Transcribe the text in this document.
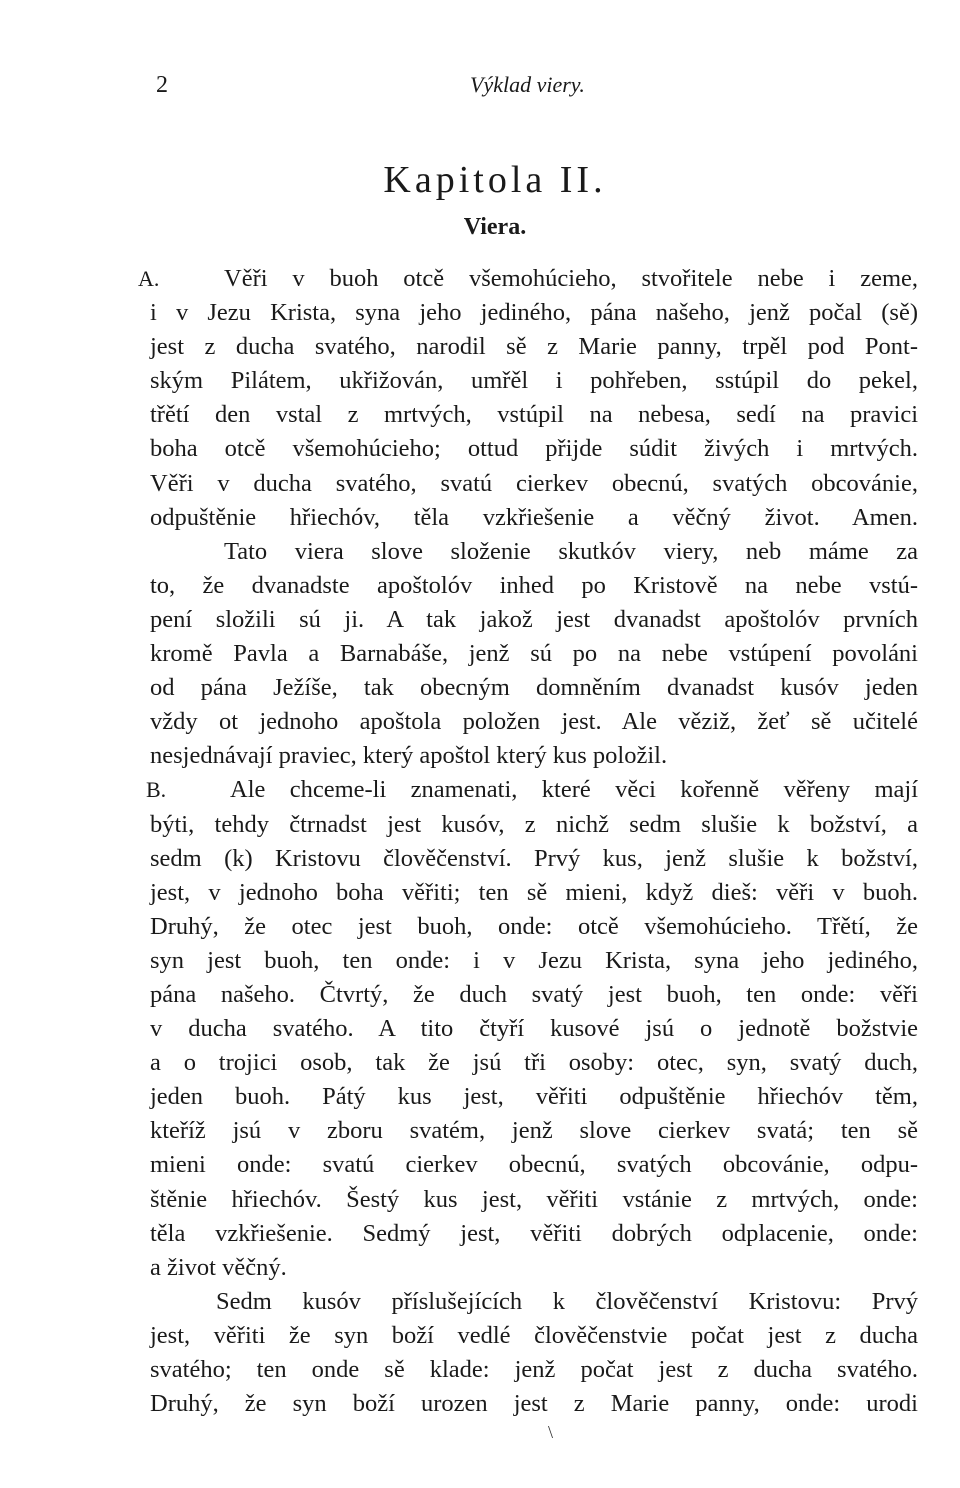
2	Výklad viery.
Kapitola II.
Viera.
A.	Věři v buoh otcě všemohúcieho, stvořitele nebe i zeme,
i v Jezu Krista, syna jeho jediného, pána našeho, jenž počal (sě)
jest z ducha svatého, narodil sě z Marie panny, trpěl pod Pont-
ským Pilátem, ukřižován, umřěl i pohřeben, sstúpil do pekel,
třětí den vstal z mrtvých, vstúpil na nebesa, sedí na pravici
boha otcě všemohúcieho; ottud přijde súdit živých i mrtvých.
Věři v ducha svatého, svatú cierkev obecnú, svatých obcovánie,
odpuštěnie hřiechóv, těla vzkřiešenie a věčný život. Amen.
Tato viera slove složenie skutkóv viery, neb máme za
to, že dvanadste apoštolóv inhed po Kristově na nebe vstú-
pení složili sú ji. A tak jakož jest dvanadst apoštolóv prvních
kromě Pavla a Barnabáše, jenž sú po na nebe vstúpení povoláni
od pána Ježíše, tak obecným domněním dvanadst kusóv jeden
vždy ot jednoho apoštola položen jest. Ale věziž, žeť sě učitelé
nesjednávají praviec, který apoštol který kus položil.
B.	Ale chceme-li znamenati, které věci kořenně věřeny mají
býti, tehdy čtrnadst jest kusóv, z nichž sedm slušie k božství, a
sedm (k) Kristovu člověčenství. Prvý kus, jenž slušie k božství,
jest, v jednoho boha věřiti; ten sě mieni, když dieš: věři v buoh.
Druhý, že otec jest buoh, onde: otcě všemohúcieho. Třětí, že
syn jest buoh, ten onde: i v Jezu Krista, syna jeho jediného,
pána našeho. Čtvrtý, že duch svatý jest buoh, ten onde: věři
v ducha svatého. A tito čtyří kusové jsú o jednotě božstvie
a o trojici osob, tak že jsú tři osoby: otec, syn, svatý duch,
jeden buoh. Pátý kus jest, věřiti odpuštěnie hřiechóv těm,
kteříž jsú v zboru svatém, jenž slove cierkev svatá; ten sě
mieni onde: svatú cierkev obecnú, svatých obcovánie, odpu-
štěnie hřiechóv. Šestý kus jest, věřiti vstánie z mrtvých, onde:
těla vzkřiešenie. Sedmý jest, věřiti dobrých odplacenie, onde:
a život věčný.
Sedm kusóv příslušejících k člověčenství Kristovu: Prvý
jest, věřiti že syn boží vedlé člověčenstvie počat jest z ducha
svatého; ten onde sě klade: jenž počat jest z ducha svatého.
Druhý, že syn boží urozen jest z Marie panny, onde: urodi
\
